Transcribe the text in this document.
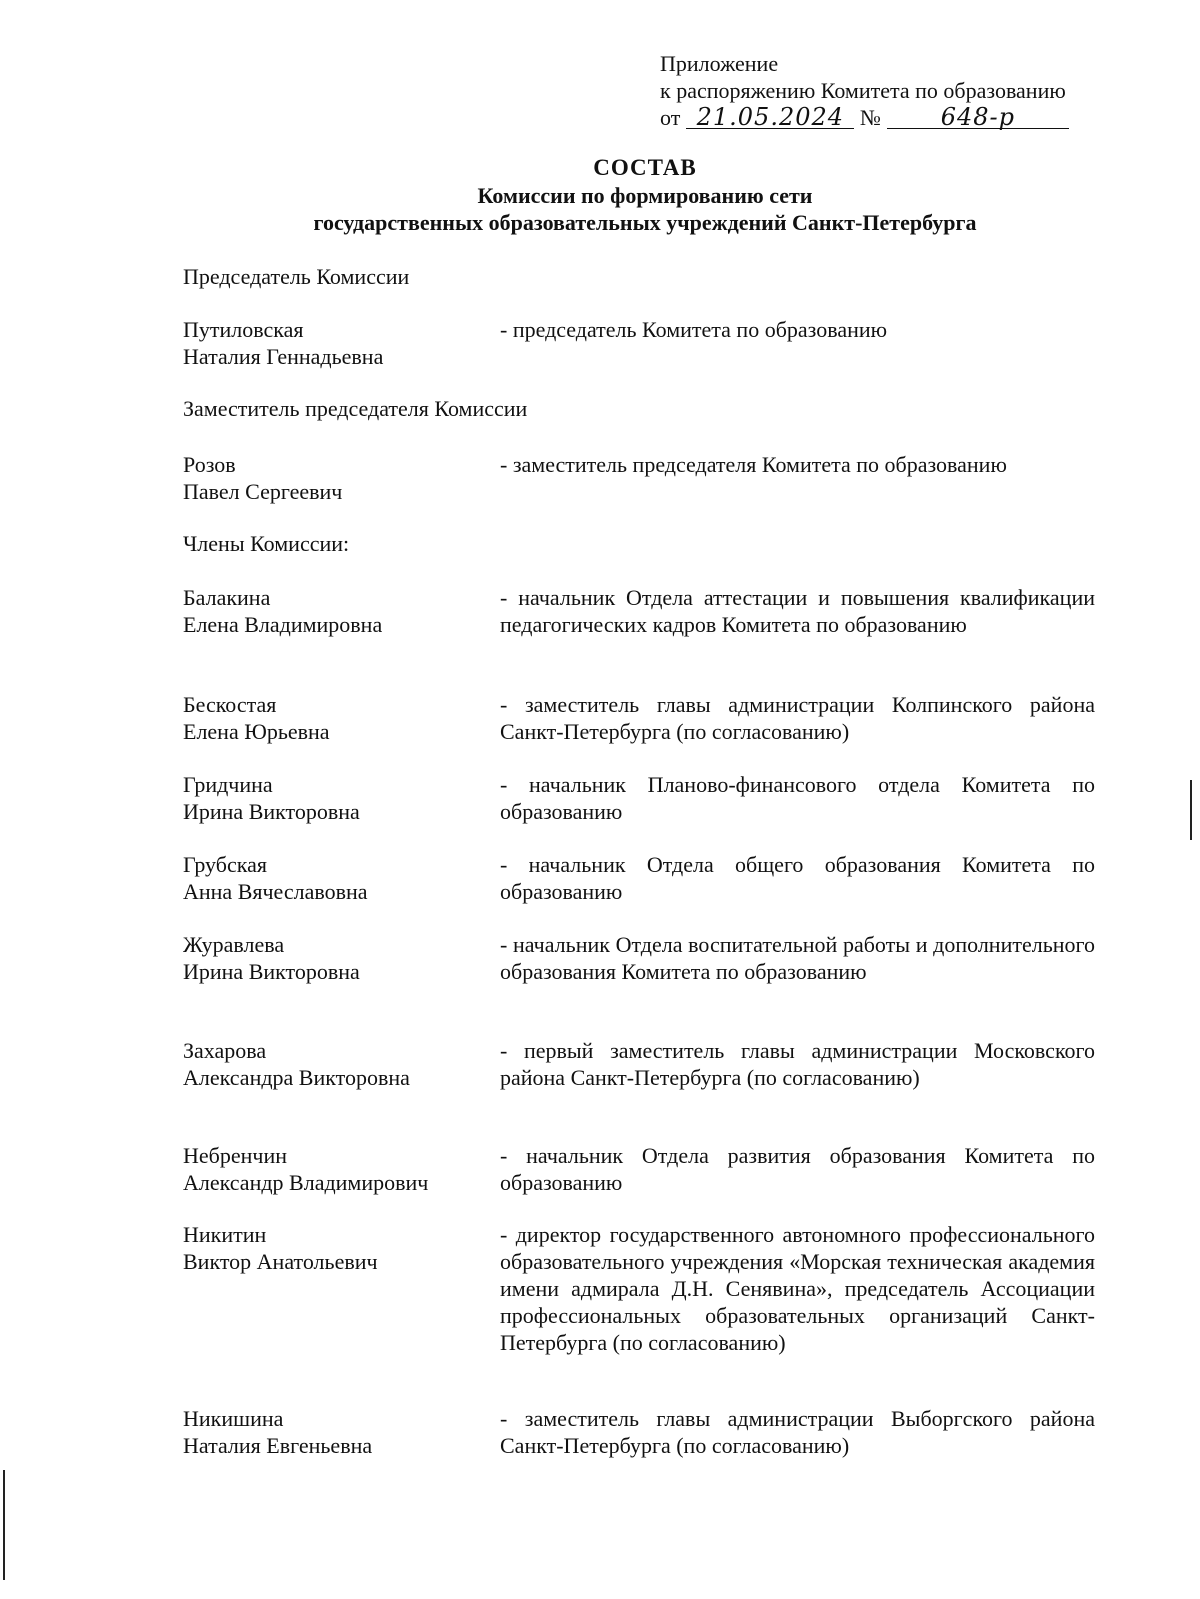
Приложение
к распоряжению Комитета по образованию
от 21.05.2024 № 648-р
СОСТАВ
Комиссии по формированию сети
государственных образовательных учреждений Санкт-Петербурга
Председатель Комиссии
Путиловская
Наталия Геннадьевна
- председатель Комитета по образованию
Заместитель председателя Комиссии
Розов
Павел Сергеевич
- заместитель председателя Комитета по образованию
Члены Комиссии:
Балакина
Елена Владимировна
- начальник Отдела аттестации и повышения квалификации педагогических кадров Комитета по образованию
Бескостая
Елена Юрьевна
- заместитель главы администрации Колпинского района Санкт-Петербурга (по согласованию)
Гридчина
Ирина Викторовна
- начальник Планово-финансового отдела Комитета по образованию
Грубская
Анна Вячеславовна
- начальник Отдела общего образования Комитета по образованию
Журавлева
Ирина Викторовна
- начальник Отдела воспитательной работы и дополнительного образования Комитета по образованию
Захарова
Александра Викторовна
- первый заместитель главы администрации Московского района Санкт-Петербурга (по согласованию)
Небренчин
Александр Владимирович
- начальник Отдела развития образования Комитета по образованию
Никитин
Виктор Анатольевич
- директор государственного автономного профессионального образовательного учреждения «Морская техническая академия имени адмирала Д.Н. Сенявина», председатель Ассоциации профессиональных образовательных организаций Санкт-Петербурга (по согласованию)
Никишина
Наталия Евгеньевна
- заместитель главы администрации Выборгского района Санкт-Петербурга (по согласованию)
